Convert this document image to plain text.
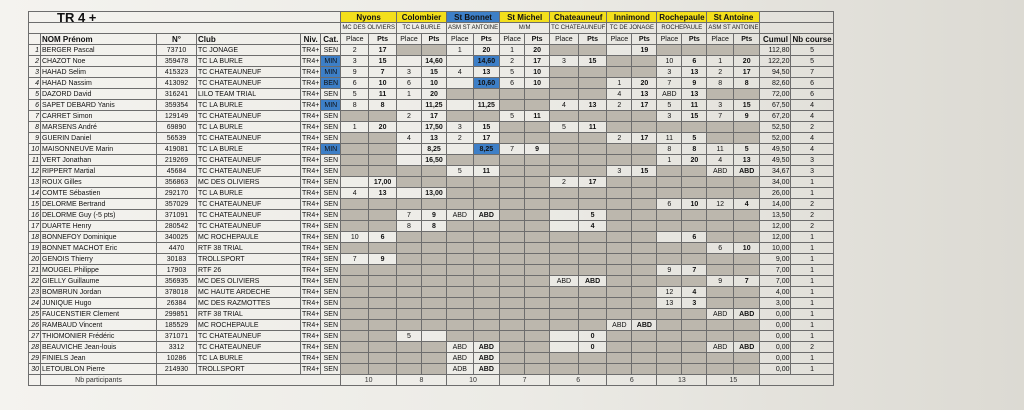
TR 4 +
						Nyons		Colombier		St Bonnet		St Michel		Chateauneuf		Innimond		Rochepaule		St Antoine			
						MC DES OLIVIERS		TC LA BURLE		ASM ST ANTOINE		M/M		TC CHATEAUNEUF		TC DE JONAGE		ROCHEPAULE		ASM ST ANTOINE			
	NOM Prénom	N°	Club	Niv.	Cat.	Place	Pts	Place	Pts	Place	Pts	Place	Pts	Place	Pts	Place	Pts	Place	Pts	Place	Pts	Cumul	Nb course
1	BERGER Pascal	73710	TC JONAGE	TR4+	SEN	2	17			1	20	1	20				19					112,80	5
2	CHAZOT Noe	359478	TC LA BURLE	TR4+	MIN	3	15		14,60		14,60	2	17	3	15			10	6	1	20	122,20	5
3	HAHAD Selim	415323	TC CHATEAUNEUF	TR4+	MIN	9	7	3	15	4	13	5	10					3	13	2	17	94,50	7
4	HAHAD Nassim	413092	TC CHATEAUNEUF	TR4+	BEN	6	10	6	10		10,60	6	10			1	20	7	9	8	8	82,60	6
5	DAZORD David	316241	LILO TEAM TRIAL	TR4+	SEN	5	11	1	20							4	13	ABD	13			72,00	6
6	SAPET DEBARD Yanis	359354	TC LA BURLE	TR4+	MIN	8	8		11,25		11,25			4	13	2	17	5	11	3	15	67,50	4
7	CARRET Simon	129149	TC CHATEAUNEUF	TR4+	SEN			2	17			5	11					3	15	7	9	67,20	4
8	MARSENS André	69890	TC LA BURLE	TR4+	SEN	1	20		17,50	3	15			5	11							52,50	2
9	GUERIN Daniel	56539	TC CHATEAUNEUF	TR4+	SEN			4	13	2	17					2	17	11	5			52,00	4
10	MAISONNEUVE Marin	419081	TC LA BURLE	TR4+	MIN				8,25		8,25	7	9					8	8	11	5	49,50	4
11	VERT Jonathan	219269	TC CHATEAUNEUF	TR4+	SEN				16,50									1	20	4	13	49,50	3
12	RIPPERT Martial	45684	TC CHATEAUNEUF	TR4+	SEN					5	11					3	15			ABD	ABD	34,67	3
13	ROUX Gilles	356863	MC DES OLIVIERS	TR4+	SEN		17,00							2	17							34,00	1
14	COMTE Sébastien	292170	TC LA BURLE	TR4+	SEN	4	13		13,00													26,00	1
15	DELORME Bertrand	357029	TC CHATEAUNEUF	TR4+	SEN													6	10	12	4	14,00	2
16	DELORME Guy (-5 pts)	371091	TC CHATEAUNEUF	TR4+	SEN			7	9	ABD	ABD				5							13,50	2
17	DUARTE Henry	280542	TC CHATEAUNEUF	TR4+	SEN			8	8						4							12,00	2
18	BONNEFOY Dominique	340025	MC ROCHEPAULE	TR4+	SEN	10	6												6			12,00	1
19	BONNET MACHOT Eric	4470	RTF 38 TRIAL	TR4+	SEN															6	10	10,00	1
20	GENOIS Thierry	30183	TROLLSPORT	TR4+	SEN	7	9															9,00	1
21	MOUGEL Philippe	17903	RTF 26	TR4+	SEN													9	7			7,00	1
22	GIELLY Guillaume	356935	MC DES OLIVIERS	TR4+	SEN									ABD	ABD					9	7	7,00	1
23	BOMBRUN Jordan	378018	MC HAUTE ARDECHE	TR4+	SEN													12	4			4,00	1
24	JUNIQUE Hugo	26384	MC DES RAZMOTTES	TR4+	SEN													13	3			3,00	1
25	FAUCENSTIER Clement	299851	RTF 38 TRIAL	TR4+	SEN															ABD	ABD	0,00	1
26	RAMBAUD Vincent	185529	MC ROCHEPAULE	TR4+	SEN											ABD	ABD					0,00	1
27	THIOMONIER Frédéric	371071	TC CHATEAUNEUF	TR4+	SEN			5							0							0,00	1
28	BEAUVICHE Jean-louis	3312	TC CHATEAUNEUF	TR4+	SEN					ABD	ABD				0					ABD	ABD	0,00	2
29	FINIELS Jean	10286	TC LA BURLE	TR4+	SEN					ABD	ABD											0,00	1
30	LETOUBLON Pierre	214930	TROLLSPORT	TR4+	SEN					ADB	ABD											0,00	1
	Nb participants					10		8		10		7		6		6		13		15			
